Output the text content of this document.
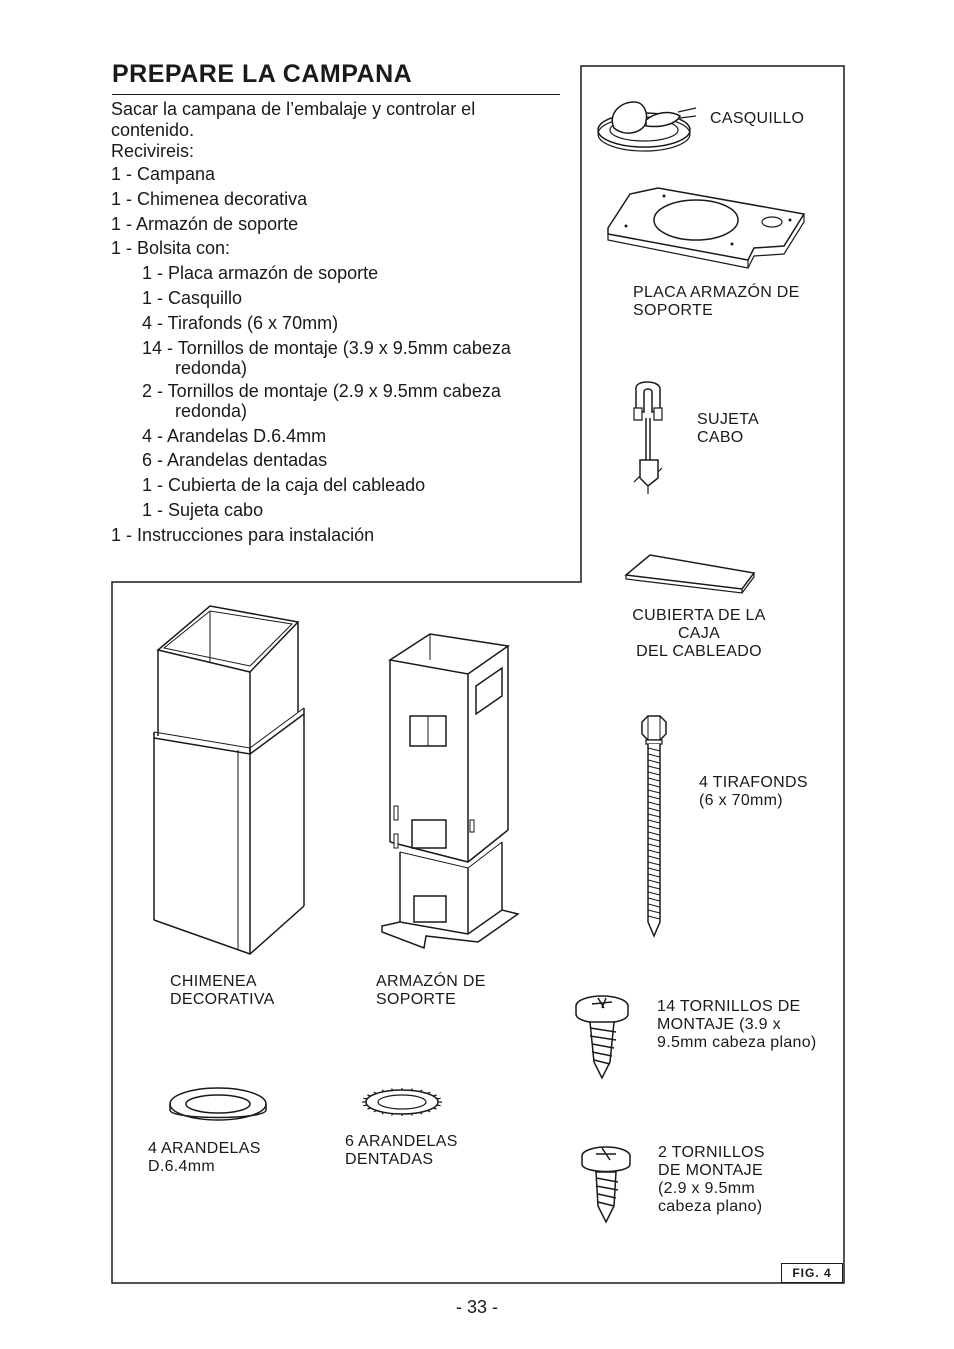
PREPARE LA CAMPANA
Sacar la campana de l’embalaje y controlar el
contenido.
Recivireis:
1 - Campana
1 - Chimenea decorativa
1 - Armazón de soporte
1 - Bolsita con:
1 - Placa armazón de soporte
1 - Casquillo
4 - Tirafonds (6 x 70mm)
14 - Tornillos de montaje (3.9 x 9.5mm cabeza
redonda)
2 - Tornillos de montaje (2.9 x 9.5mm cabeza
redonda)
4 - Arandelas D.6.4mm
6 - Arandelas dentadas
1 - Cubierta de la caja del cableado
1 - Sujeta cabo
1 - Instrucciones para instalación
CASQUILLO
PLACA ARMAZÓN DE
SOPORTE
SUJETA
CABO
CUBIERTA DE LA
CAJA
DEL CABLEADO
4 TIRAFONDS
(6 x 70mm)
CHIMENEA
DECORATIVA
ARMAZÓN DE
SOPORTE	14 TORNILLOS DE
MONTAJE (3.9 x
9.5mm cabeza plano)
4 ARANDELAS
D.6.4mm
6 ARANDELAS
DENTADAS	2 TORNILLOS
DE MONTAJE
(2.9 x 9.5mm
cabeza plano)
FIG. 4
- 33 -
